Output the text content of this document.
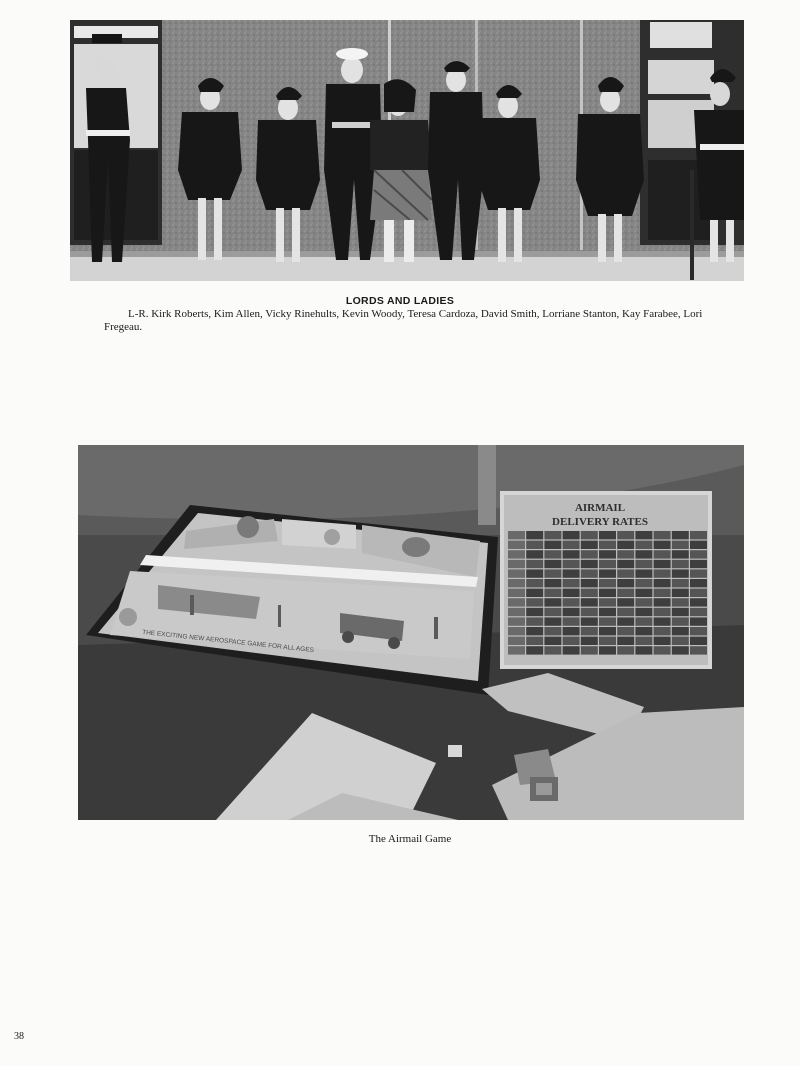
LORDS AND LADIES
L-R. Kirk Roberts, Kim Allen, Vicky Rinehults, Kevin Woody, Teresa Cardoza, David Smith, Lorriane Stanton, Kay Farabee, Lori Fregeau.
THE EXCITING NEW AEROSPACE GAME FOR ALL AGES
AIRMAIL
DELIVERY RATES
The Airmail Game
38
